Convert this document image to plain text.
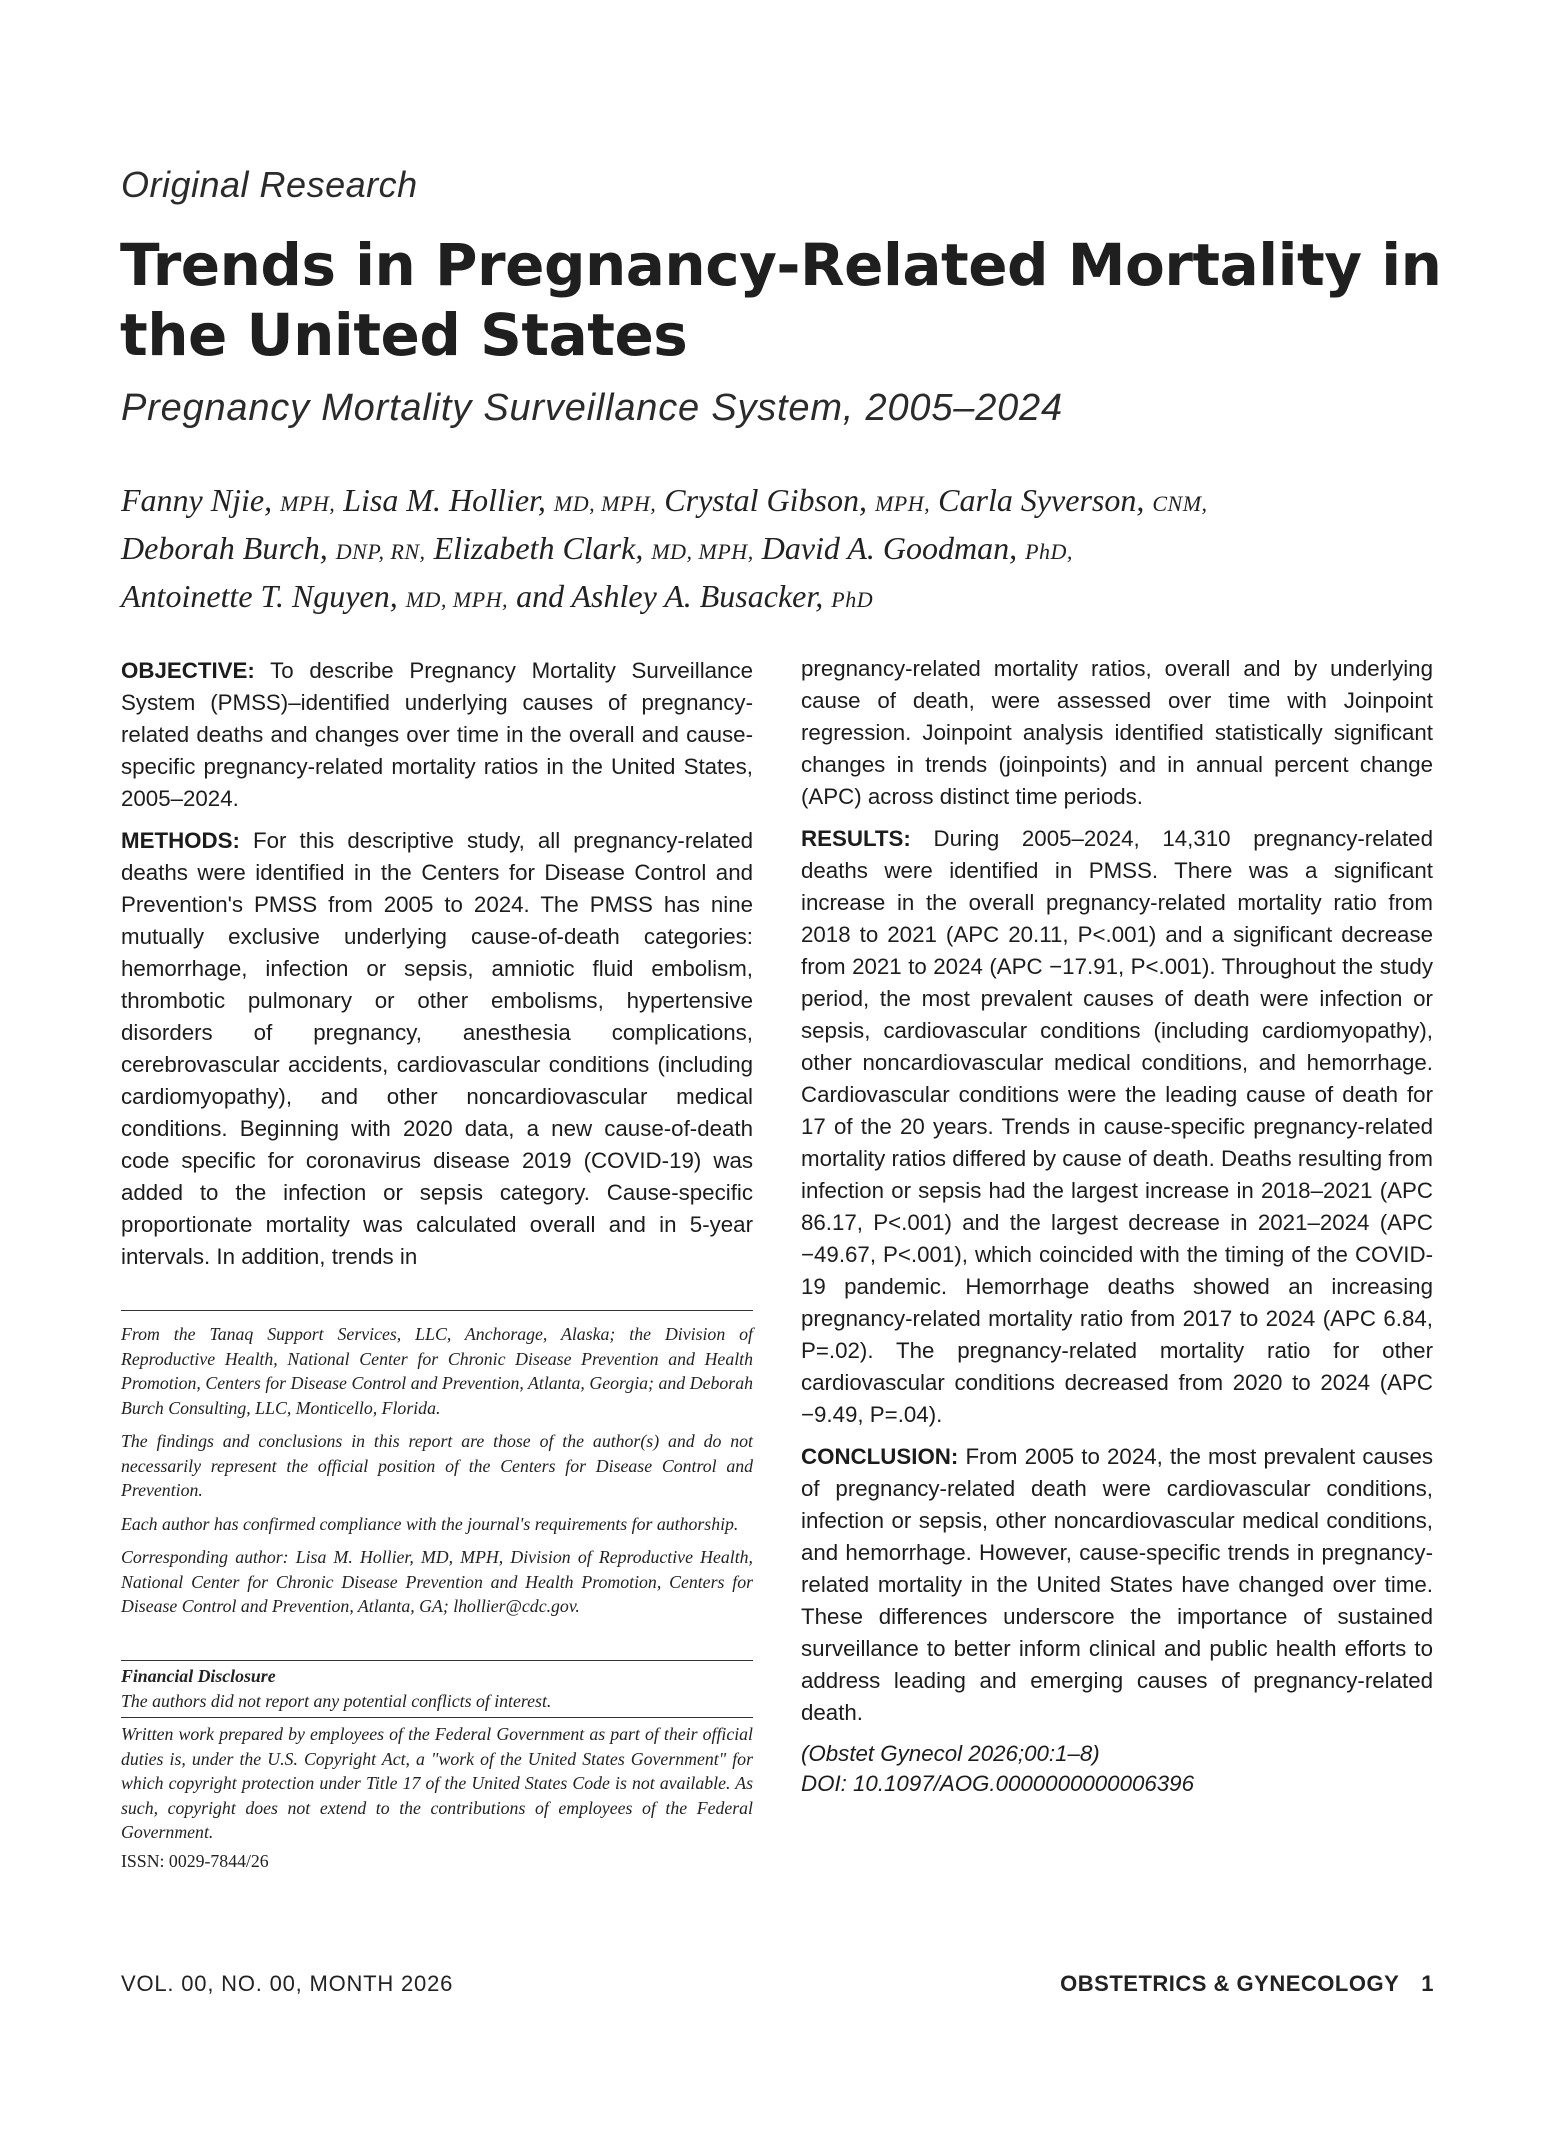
Original Research
Trends in Pregnancy-Related Mortality in the United States
Pregnancy Mortality Surveillance System, 2005–2024
Fanny Njie, MPH, Lisa M. Hollier, MD, MPH, Crystal Gibson, MPH, Carla Syverson, CNM,
Deborah Burch, DNP, RN, Elizabeth Clark, MD, MPH, David A. Goodman, PhD,
Antoinette T. Nguyen, MD, MPH, and Ashley A. Busacker, PhD

OBJECTIVE: To describe Pregnancy Mortality Surveillance System (PMSS)–identified underlying causes of pregnancy-related deaths and changes over time in the overall and cause-specific pregnancy-related mortality ratios in the United States, 2005–2024.

METHODS: For this descriptive study, all pregnancy-related deaths were identified in the Centers for Disease Control and Prevention's PMSS from 2005 to 2024. The PMSS has nine mutually exclusive underlying cause-of-death categories: hemorrhage, infection or sepsis, amniotic fluid embolism, thrombotic pulmonary or other embolisms, hypertensive disorders of pregnancy, anesthesia complications, cerebrovascular accidents, cardiovascular conditions (including cardiomyopathy), and other noncardiovascular medical conditions. Beginning with 2020 data, a new cause-of-death code specific for coronavirus disease 2019 (COVID-19) was added to the infection or sepsis category. Cause-specific proportionate mortality was calculated overall and in 5-year intervals. In addition, trends in

From the Tanaq Support Services, LLC, Anchorage, Alaska; the Division of Reproductive Health, National Center for Chronic Disease Prevention and Health Promotion, Centers for Disease Control and Prevention, Atlanta, Georgia; and Deborah Burch Consulting, LLC, Monticello, Florida.

The findings and conclusions in this report are those of the author(s) and do not necessarily represent the official position of the Centers for Disease Control and Prevention.

Each author has confirmed compliance with the journal's requirements for authorship.

Corresponding author: Lisa M. Hollier, MD, MPH, Division of Reproductive Health, National Center for Chronic Disease Prevention and Health Promotion, Centers for Disease Control and Prevention, Atlanta, GA; lhollier@cdc.gov.

Financial Disclosure

The authors did not report any potential conflicts of interest.

Written work prepared by employees of the Federal Government as part of their official duties is, under the U.S. Copyright Act, a "work of the United States Government" for which copyright protection under Title 17 of the United States Code is not available. As such, copyright does not extend to the contributions of employees of the Federal Government.

ISSN: 0029-7844/26

pregnancy-related mortality ratios, overall and by underlying cause of death, were assessed over time with Joinpoint regression. Joinpoint analysis identified statistically significant changes in trends (joinpoints) and in annual percent change (APC) across distinct time periods.

RESULTS: During 2005–2024, 14,310 pregnancy-related deaths were identified in PMSS. There was a significant increase in the overall pregnancy-related mortality ratio from 2018 to 2021 (APC 20.11, P<.001) and a significant decrease from 2021 to 2024 (APC −17.91, P<.001). Throughout the study period, the most prevalent causes of death were infection or sepsis, cardiovascular conditions (including cardiomyopathy), other noncardiovascular medical conditions, and hemorrhage. Cardiovascular conditions were the leading cause of death for 17 of the 20 years. Trends in cause-specific pregnancy-related mortality ratios differed by cause of death. Deaths resulting from infection or sepsis had the largest increase in 2018–2021 (APC 86.17, P<.001) and the largest decrease in 2021–2024 (APC −49.67, P<.001), which coincided with the timing of the COVID-19 pandemic. Hemorrhage deaths showed an increasing pregnancy-related mortality ratio from 2017 to 2024 (APC 6.84, P=.02). The pregnancy-related mortality ratio for other cardiovascular conditions decreased from 2020 to 2024 (APC −9.49, P=.04).

CONCLUSION: From 2005 to 2024, the most prevalent causes of pregnancy-related death were cardiovascular conditions, infection or sepsis, other noncardiovascular medical conditions, and hemorrhage. However, cause-specific trends in pregnancy-related mortality in the United States have changed over time. These differences underscore the importance of sustained surveillance to better inform clinical and public health efforts to address leading and emerging causes of pregnancy-related death.

(Obstet Gynecol 2026;00:1–8)

DOI: 10.1097/AOG.0000000000006396

VOL. 00, NO. 00, MONTH 2026	OBSTETRICS & GYNECOLOGY 1
